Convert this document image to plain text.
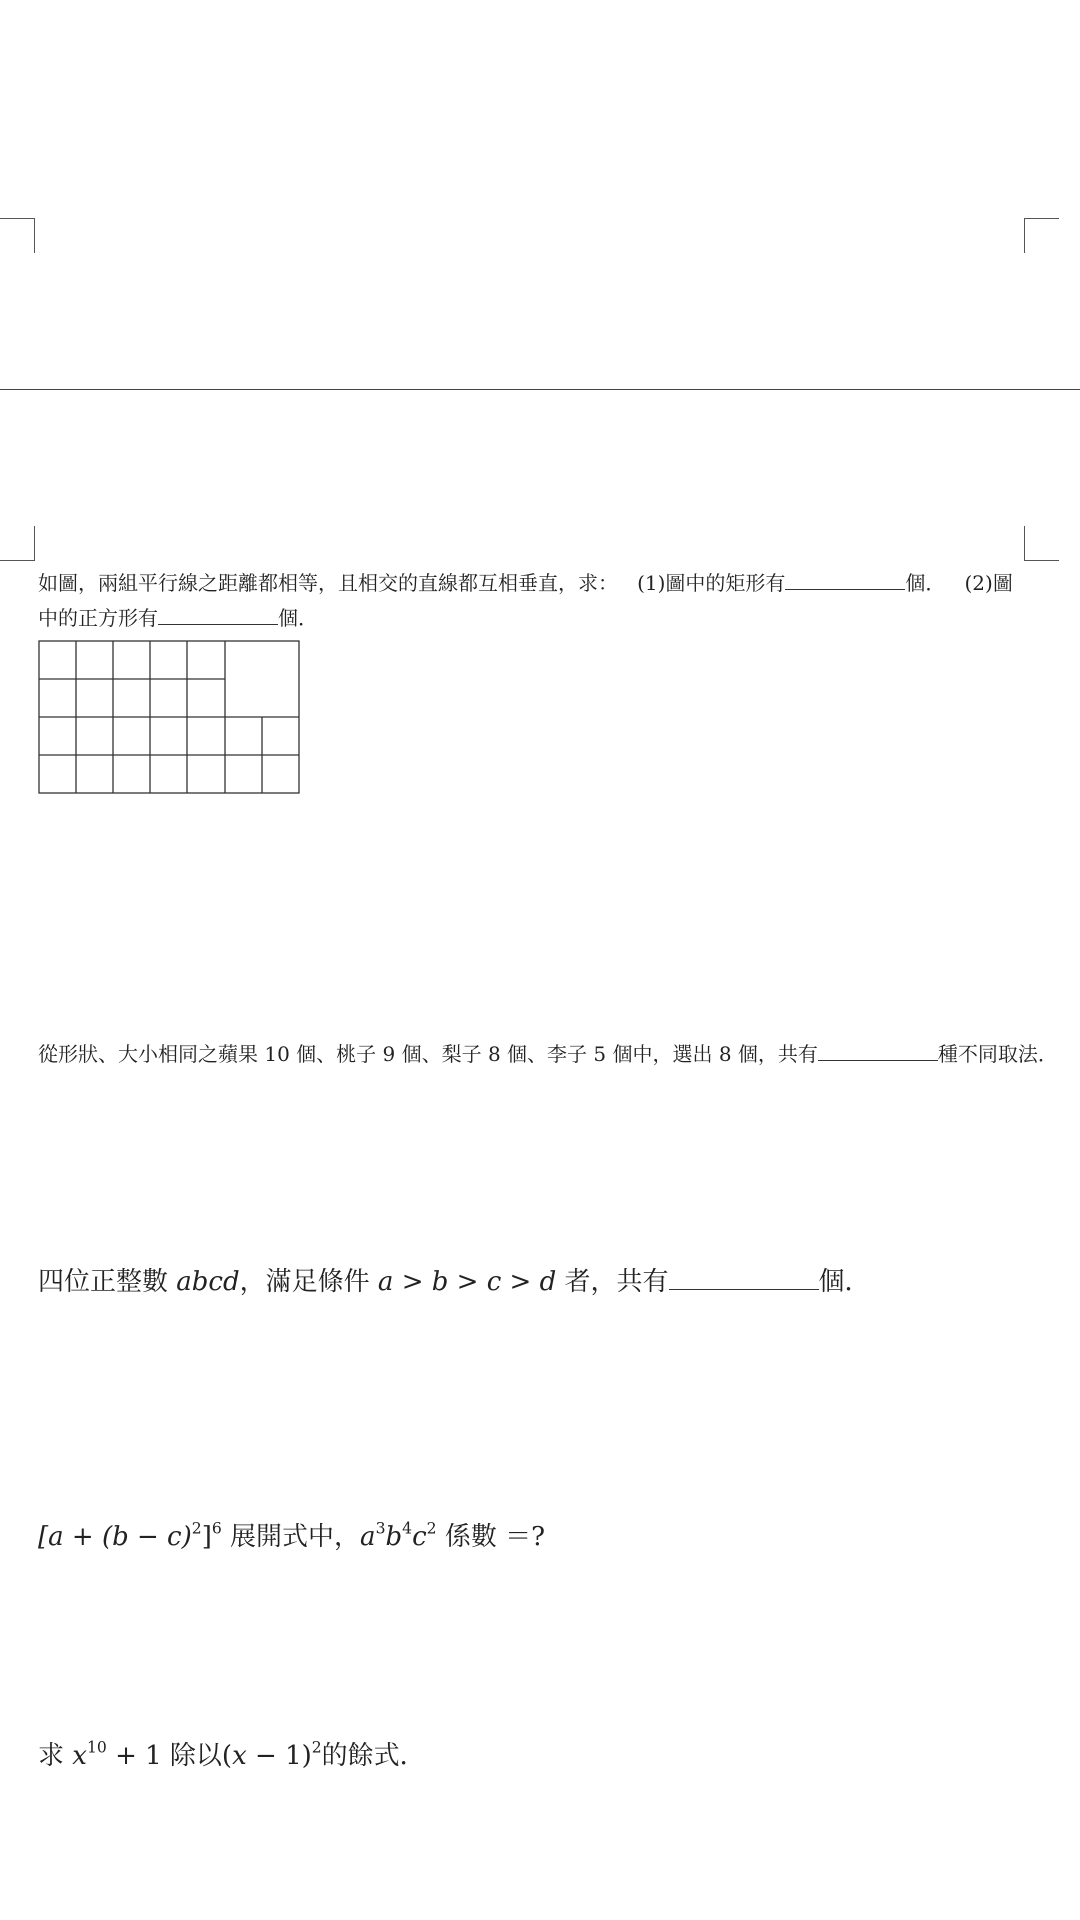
如圖，兩組平行線之距離都相等，且相交的直線都互相垂直，求： (1)圖中的矩形有	個． (2)圖

中的正方形有	個．

從形狀、大小相同之蘋果 10 個、桃子 9 個、梨子 8 個、李子 5 個中，選出 8 個，共有	種不同取法．

四位正整數 abcd，滿足條件 a > b > c > d 者，共有	個．

$[a + (b - c)^2]^6$ 展開式中，$a^3b^4c^2$ 係數 ＝?

求 $x^{10} + 1$ 除以$(x - 1)^2$的餘式．
